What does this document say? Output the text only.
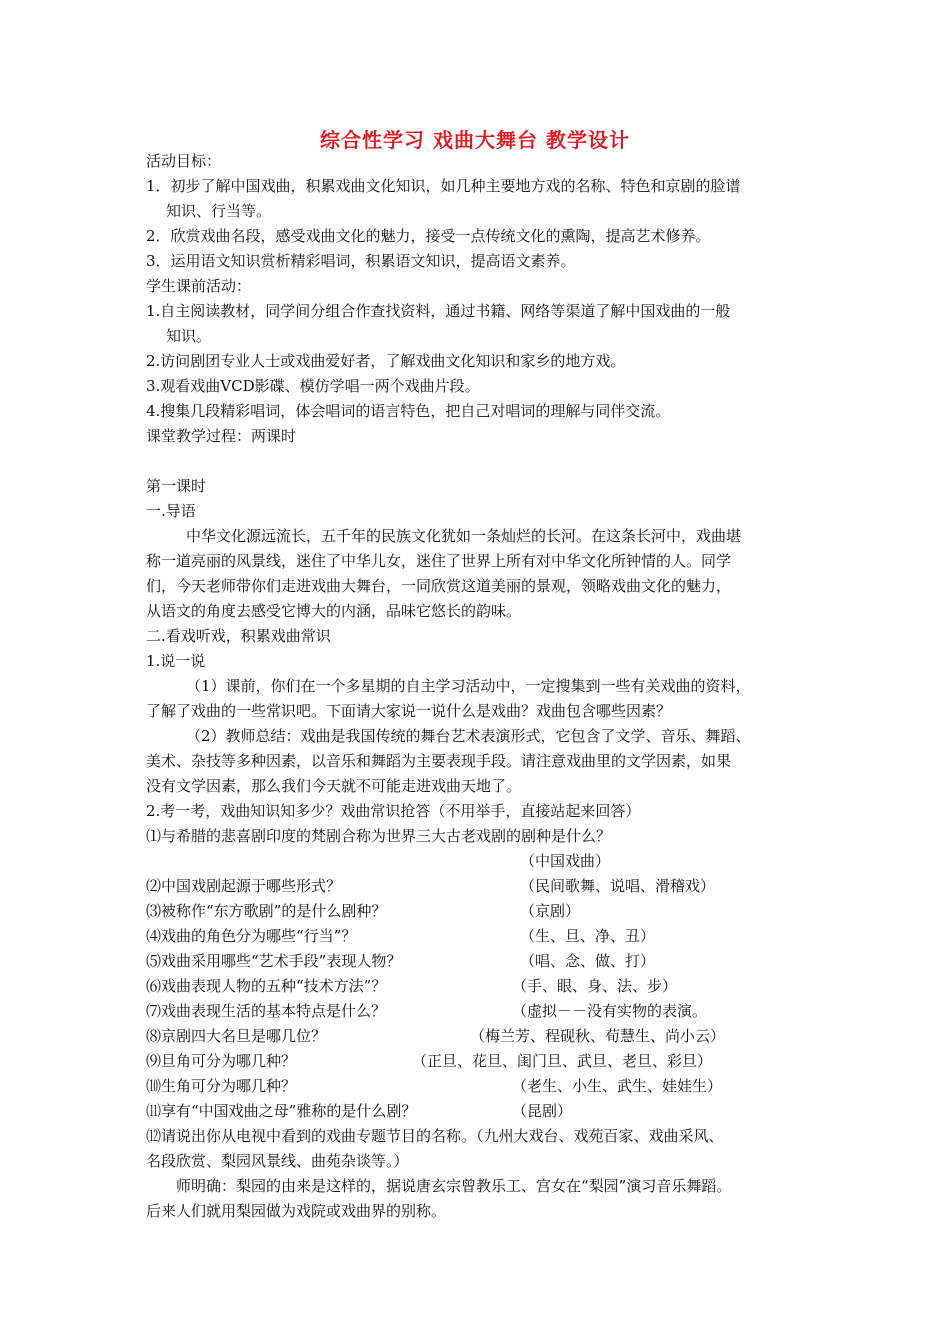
综合性学习 戏曲大舞台 教学设计
活动目标：
1．初步了解中国戏曲，积累戏曲文化知识，如几种主要地方戏的名称、特色和京剧的脸谱
知识、行当等。
2．欣赏戏曲名段，感受戏曲文化的魅力，接受一点传统文化的熏陶，提高艺术修养。
3．运用语文知识赏析精彩唱词，积累语文知识，提高语文素养。
学生课前活动：
1.自主阅读教材，同学间分组合作查找资料，通过书籍、网络等渠道了解中国戏曲的一般
知识。
2.访问剧团专业人士或戏曲爱好者，了解戏曲文化知识和家乡的地方戏。
3.观看戏曲VCD影碟、模仿学唱一两个戏曲片段。
4.搜集几段精彩唱词，体会唱词的语言特色，把自己对唱词的理解与同伴交流。
课堂教学过程：两课时
第一课时
一.导语
中华文化源远流长，五千年的民族文化犹如一条灿烂的长河。在这条长河中，戏曲堪
称一道亮丽的风景线，迷住了中华儿女，迷住了世界上所有对中华文化所钟情的人。同学
们，今天老师带你们走进戏曲大舞台，一同欣赏这道美丽的景观，领略戏曲文化的魅力，
从语文的角度去感受它博大的内涵，品味它悠长的韵味。
二.看戏听戏，积累戏曲常识
1.说一说
（1）课前，你们在一个多星期的自主学习活动中，一定搜集到一些有关戏曲的资料，
了解了戏曲的一些常识吧。下面请大家说一说什么是戏曲？戏曲包含哪些因素？
（2）教师总结：戏曲是我国传统的舞台艺术表演形式，它包含了文学、音乐、舞蹈、
美术、杂技等多种因素，以音乐和舞蹈为主要表现手段。请注意戏曲里的文学因素，如果
没有文学因素，那么我们今天就不可能走进戏曲天地了。
2.考一考，戏曲知识知多少？戏曲常识抢答（不用举手，直接站起来回答）
⑴与希腊的悲喜剧印度的梵剧合称为世界三大古老戏剧的剧种是什么？
（中国戏曲）
⑵中国戏剧起源于哪些形式？	（民间歌舞、说唱、滑稽戏）
⑶被称作“东方歌剧”的是什么剧种？	（京剧）
⑷戏曲的角色分为哪些“行当”？	（生、旦、净、丑）
⑸戏曲采用哪些“艺术手段”表现人物？	（唱、念、做、打）
⑹戏曲表现人物的五种“技术方法”？	（手、眼、身、法、步）
⑺戏曲表现生活的基本特点是什么？	（虚拟－－没有实物的表演。
⑻京剧四大名旦是哪几位？	（梅兰芳、程砚秋、荀慧生、尚小云）
⑼旦角可分为哪几种？	（正旦、花旦、闺门旦、武旦、老旦、彩旦）
⑽生角可分为哪几种？	（老生、小生、武生、娃娃生）
⑾享有“中国戏曲之母”雅称的是什么剧？	（昆剧）
⑿请说出你从电视中看到的戏曲专题节目的名称。（九州大戏台、戏苑百家、戏曲采风、
名段欣赏、梨园风景线、曲苑杂谈等。）
师明确：梨园的由来是这样的，据说唐玄宗曾教乐工、宫女在“梨园”演习音乐舞蹈。
后来人们就用梨园做为戏院或戏曲界的别称。
